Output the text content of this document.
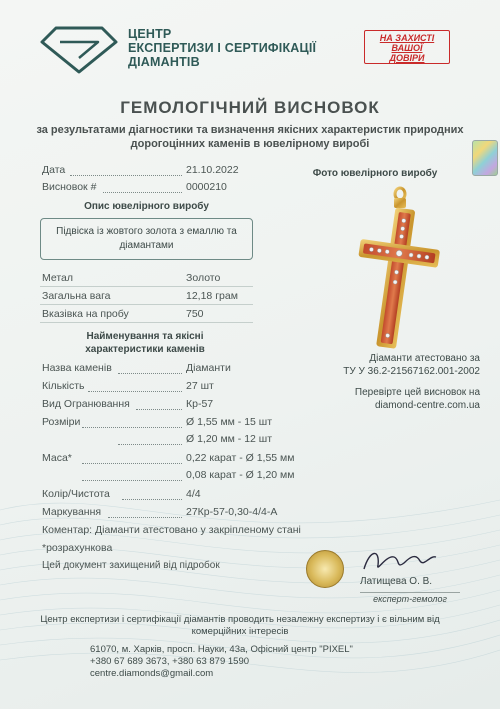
ЦЕНТР
ЕКСПЕРТИЗИ І СЕРТИФІКАЦІЇ
ДІАМАНТІВ
НА ЗАХИСТІ
ВАШОЇ
ДОВІРИ
ГЕМОЛОГІЧНИЙ ВИСНОВОК
за результатами діагностики та визначення якісних характеристик природних дорогоцінних каменів в ювелірному виробі
Дата	21.10.2022
Висновок #	0000210
Опис ювелірного виробу
Підвіска із жовтого золота з емаллю та діамантами
Метал	Золото
Загальна вага	12,18 грам
Вказівка на пробу	750
Найменування та якісні характеристики каменів
Назва каменів	Діаманти
Кількість	27 шт
Вид Огранювання	Кр-57
Розміри	Ø 1,55 мм - 15 шт
Ø 1,20 мм - 12 шт
Маса*	0,22 карат - Ø 1,55 мм
0,08 карат - Ø 1,20 мм
Колір/Чистота	4/4
Маркування	27Кр-57-0,30-4/4-А
Коментар: Діаманти атестовано у закріпленому стані
*розрахункова
Цей документ захищений від підробок
Фото ювелірного виробу
Діаманти атестовано за
ТУ У 36.2-21567162.001-2002
Перевірте цей висновок на
diamond-centre.com.ua
Латищева О. В.
експерт-гемолог
Центр експертизи і сертифікації діамантів проводить незалежну експертизу і є вільним від комерційних інтересів
61070, м. Харків, просп. Науки, 43а, Офісний центр "PIXEL"
+380 67 689 3673, +380 63 879 1590
centre.diamonds@gmail.com
